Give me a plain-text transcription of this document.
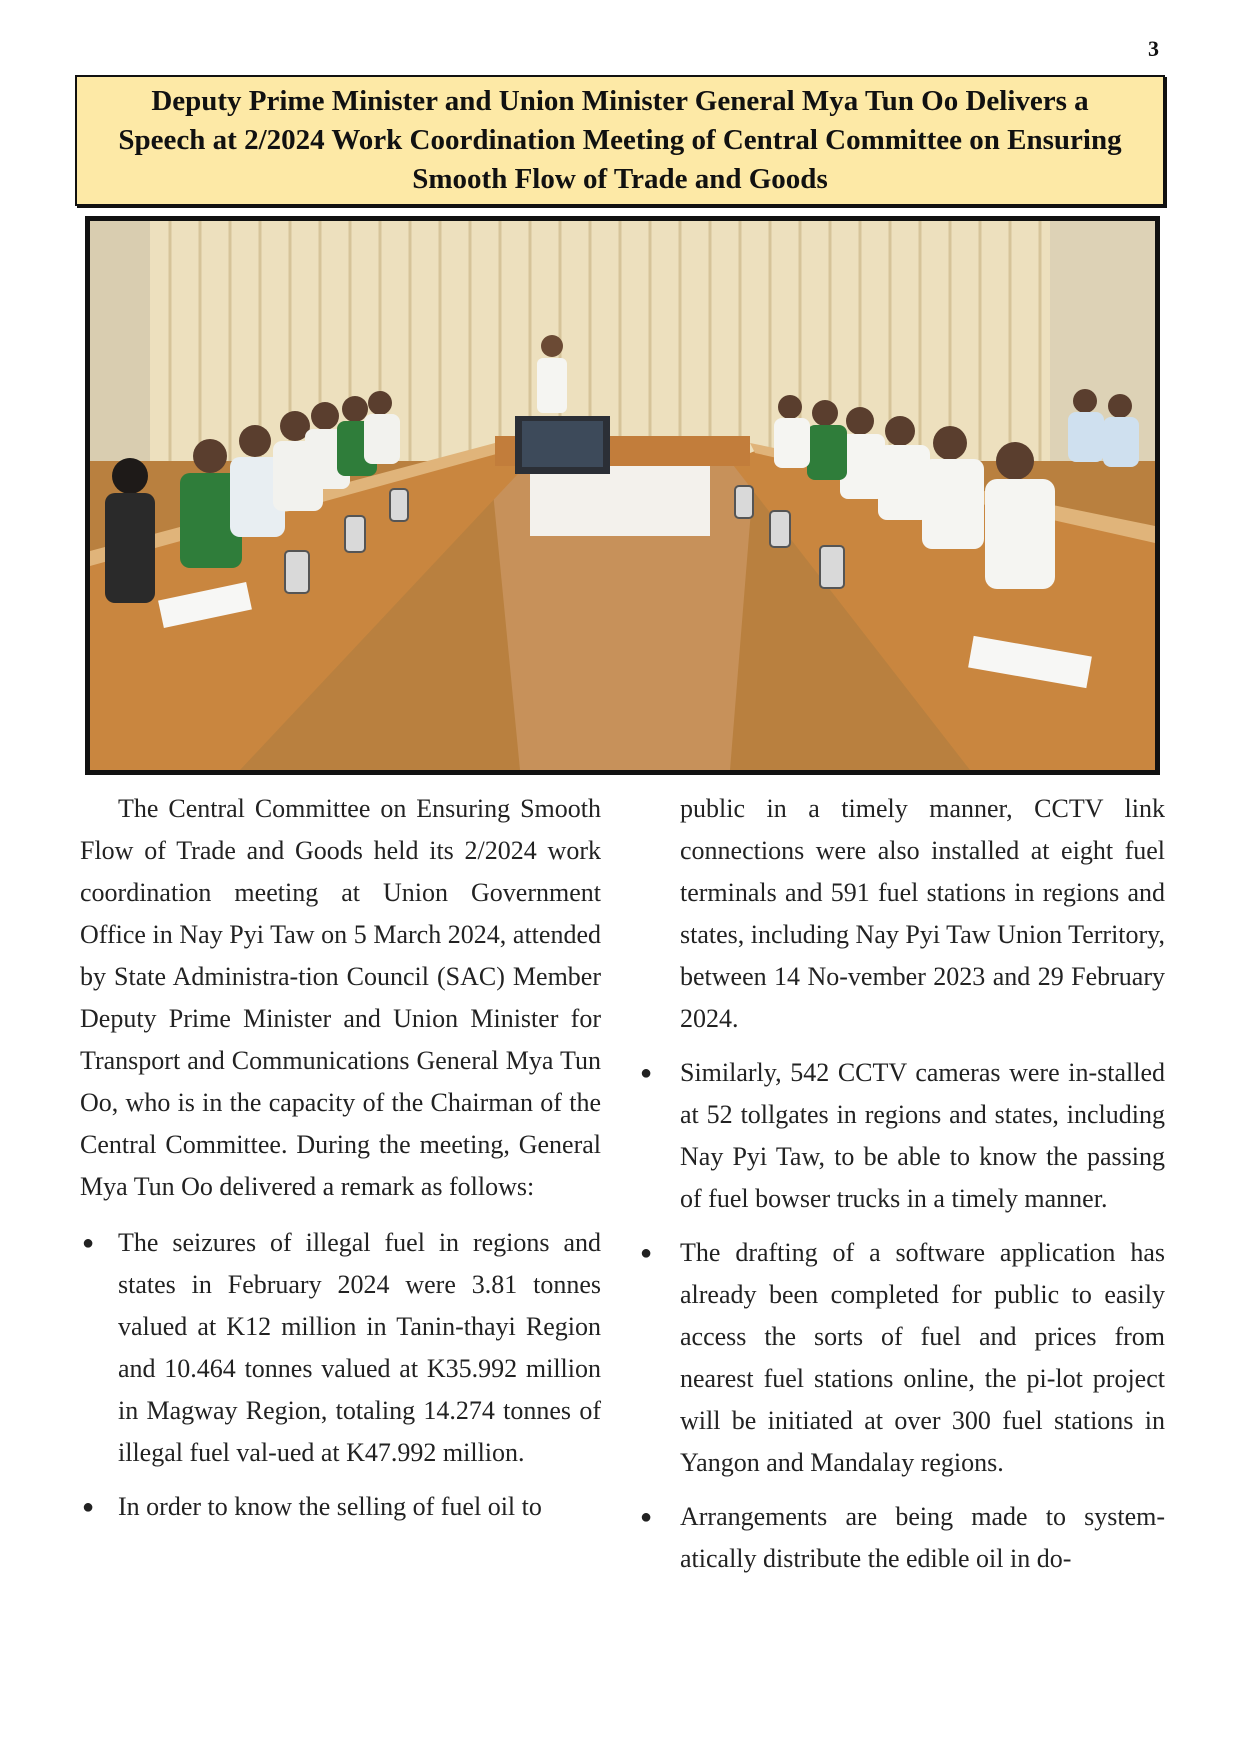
3
Deputy Prime Minister and Union Minister General Mya Tun Oo Delivers a Speech at 2/2024 Work Coordination Meeting of Central Committee on Ensuring Smooth Flow of Trade and Goods

The Central Committee on Ensuring Smooth Flow of Trade and Goods held its 2/2024 work coordination meeting at Union Government Office in Nay Pyi Taw on 5 March 2024, attended by State Administra-tion Council (SAC) Member Deputy Prime Minister and Union Minister for Transport and Communications General Mya Tun Oo, who is in the capacity of the Chairman of the Central Committee. During the meeting, General Mya Tun Oo delivered a remark as follows:

● The seizures of illegal fuel in regions and states in February 2024 were 3.81 tonnes valued at K12 million in Tanin-thayi Region and 10.464 tonnes valued at K35.992 million in Magway Region, totaling 14.274 tonnes of illegal fuel val-ued at K47.992 million.
● In order to know the selling of fuel oil to

public in a timely manner, CCTV link connections were also installed at eight fuel terminals and 591 fuel stations in regions and states, including Nay Pyi Taw Union Territory, between 14 No-vember 2023 and 29 February 2024.

● Similarly, 542 CCTV cameras were in-stalled at 52 tollgates in regions and states, including Nay Pyi Taw, to be able to know the passing of fuel bowser trucks in a timely manner.
● The drafting of a software application has already been completed for public to easily access the sorts of fuel and prices from nearest fuel stations online, the pi-lot project will be initiated at over 300 fuel stations in Yangon and Mandalay regions.
● Arrangements are being made to system-atically distribute the edible oil in do-
